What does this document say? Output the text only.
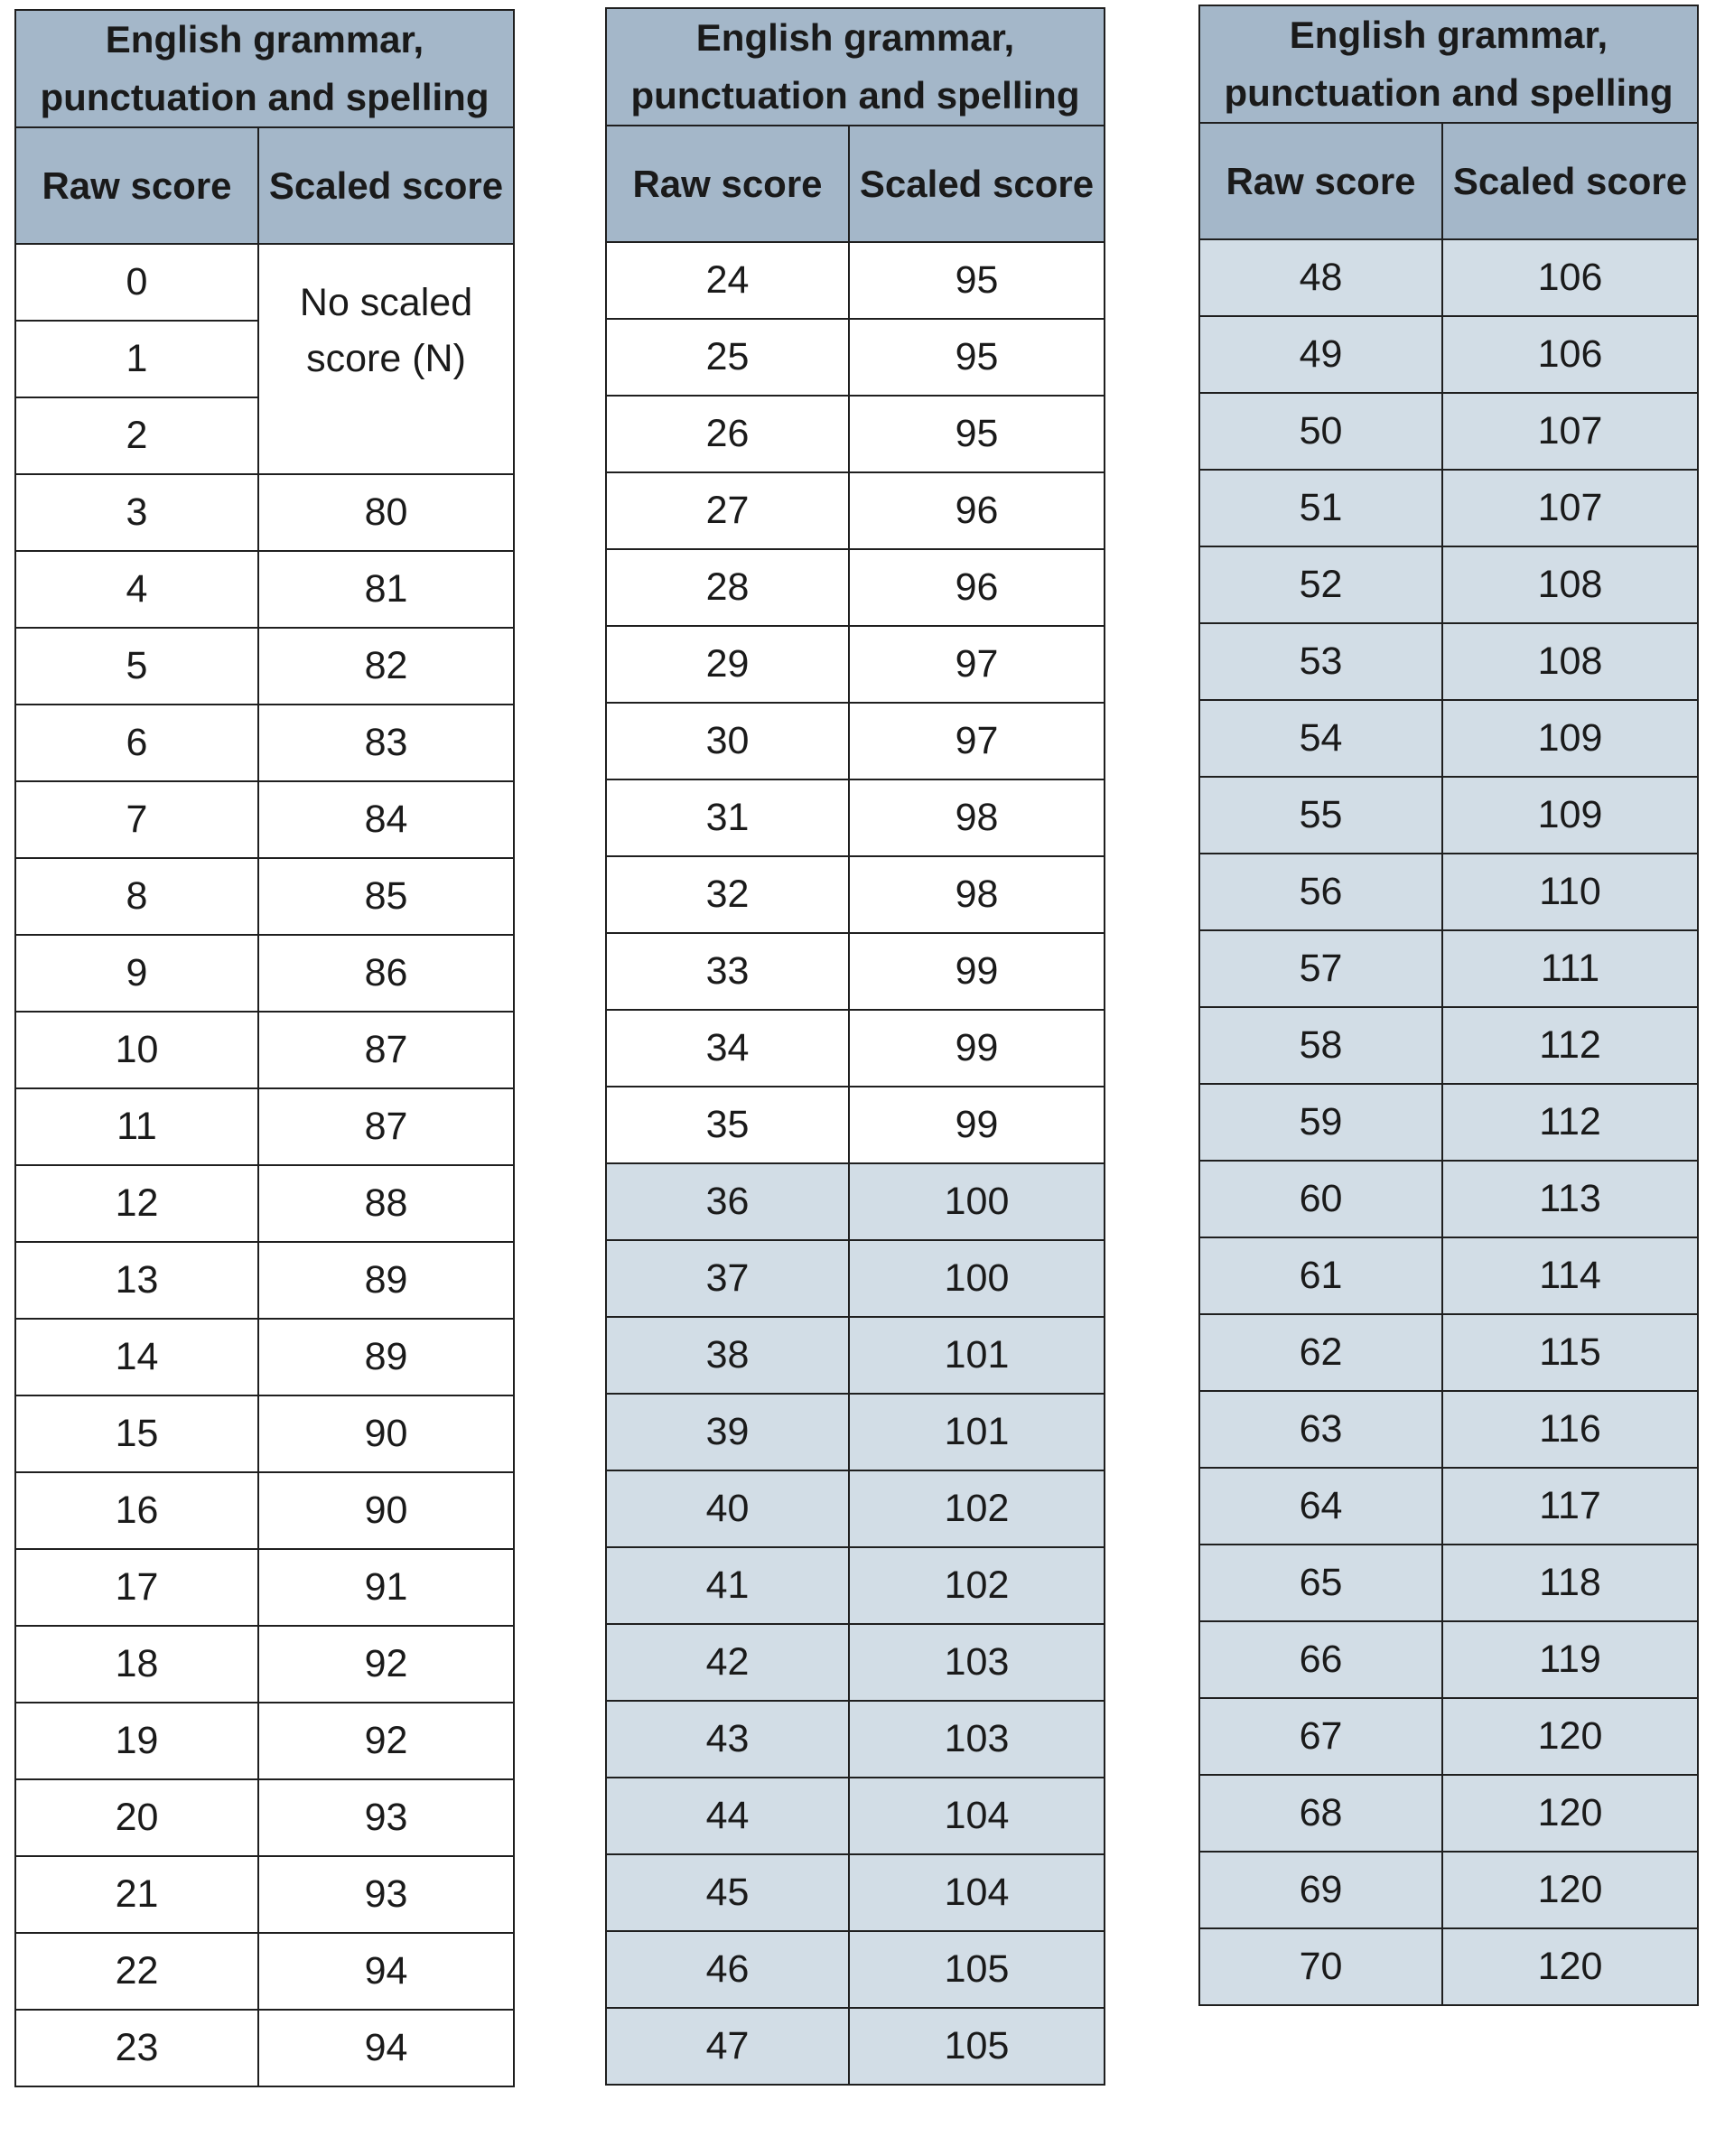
English grammar, punctuation and spelling	
Raw score	Scaled score
0	No scaled score (N)
1	
2	
3	80
4	81
5	82
6	83
7	84
8	85
9	86
10	87
11	87
12	88
13	89
14	89
15	90
16	90
17	91
18	92
19	92
20	93
21	93
22	94
23	94
English grammar, punctuation and spelling	
Raw score	Scaled score
24	95
25	95
26	95
27	96
28	96
29	97
30	97
31	98
32	98
33	99
34	99
35	99
36	100
37	100
38	101
39	101
40	102
41	102
42	103
43	103
44	104
45	104
46	105
47	105
English grammar, punctuation and spelling	
Raw score	Scaled score
48	106
49	106
50	107
51	107
52	108
53	108
54	109
55	109
56	110
57	111
58	112
59	112
60	113
61	114
62	115
63	116
64	117
65	118
66	119
67	120
68	120
69	120
70	120
